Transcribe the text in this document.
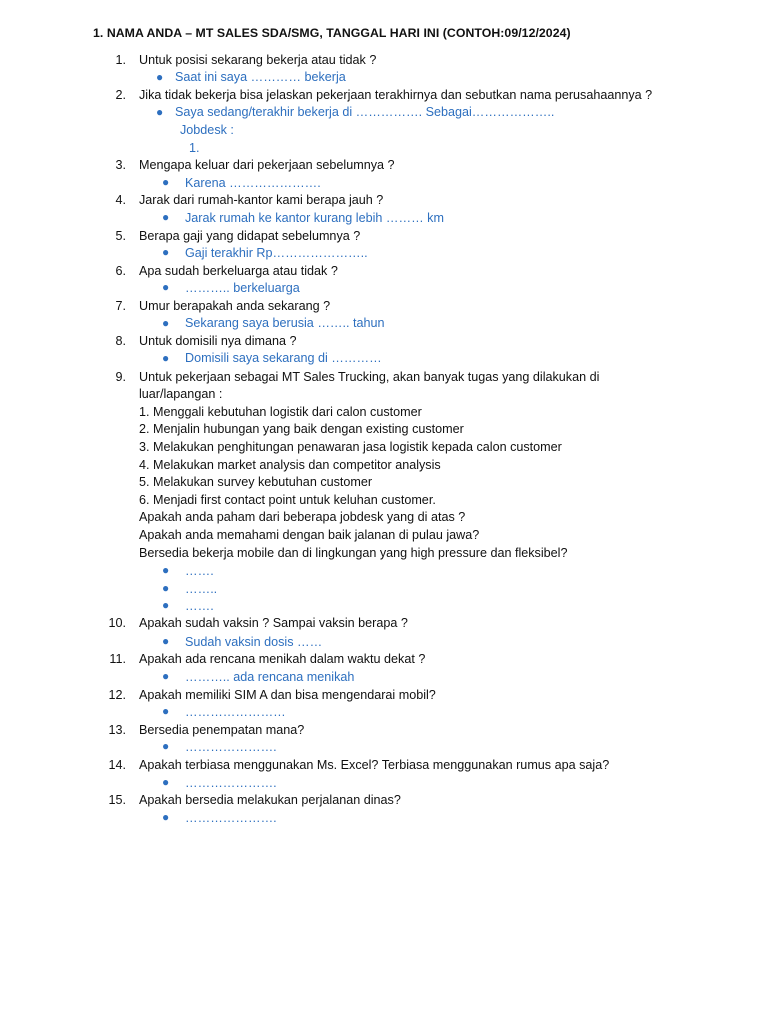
1. NAMA ANDA – MT SALES SDA/SMG, TANGGAL HARI INI (CONTOH:09/12/2024)
1. Untuk posisi sekarang bekerja atau tidak ?
● Saat ini saya ………… bekerja
2. Jika tidak bekerja bisa jelaskan pekerjaan terakhirnya dan sebutkan nama perusahaannya ?
● Saya sedang/terakhir bekerja di ……………. Sebagai………………..
Jobdesk :
1.
3. Mengapa keluar dari pekerjaan sebelumnya ?
● Karena ………………….
4. Jarak dari rumah-kantor kami berapa jauh ?
● Jarak rumah ke kantor kurang lebih ……… km
5. Berapa gaji yang didapat sebelumnya ?
● Gaji terakhir Rp…………………..
6. Apa sudah berkeluarga atau tidak ?
● ……….. berkeluarga
7. Umur berapakah anda sekarang ?
● Sekarang saya berusia …….. tahun
8. Untuk domisili nya dimana ?
● Domisili saya sekarang di …………
9. Untuk pekerjaan sebagai MT Sales Trucking, akan banyak tugas yang dilakukan di
luar/lapangan :
1. Menggali kebutuhan logistik dari calon customer
2. Menjalin hubungan yang baik dengan existing customer
3. Melakukan penghitungan penawaran jasa logistik kepada calon customer
4. Melakukan market analysis dan competitor analysis
5. Melakukan survey kebutuhan customer
6. Menjadi first contact point untuk keluhan customer.
Apakah anda paham dari beberapa jobdesk yang di atas ?
Apakah anda memahami dengan baik jalanan di pulau jawa?
Bersedia bekerja mobile dan di lingkungan yang high pressure dan fleksibel?
● …….
● ……..
● …….
10. Apakah sudah vaksin ? Sampai vaksin berapa ?
● Sudah vaksin dosis ……
11. Apakah ada rencana menikah dalam waktu dekat ?
● ……….. ada rencana menikah
12. Apakah memiliki SIM A dan bisa mengendarai mobil?
● ……………………
13. Bersedia penempatan mana?
● ………………….
14. Apakah terbiasa menggunakan Ms. Excel? Terbiasa menggunakan rumus apa saja?
● ………………….
15. Apakah bersedia melakukan perjalanan dinas?
● ………………….
